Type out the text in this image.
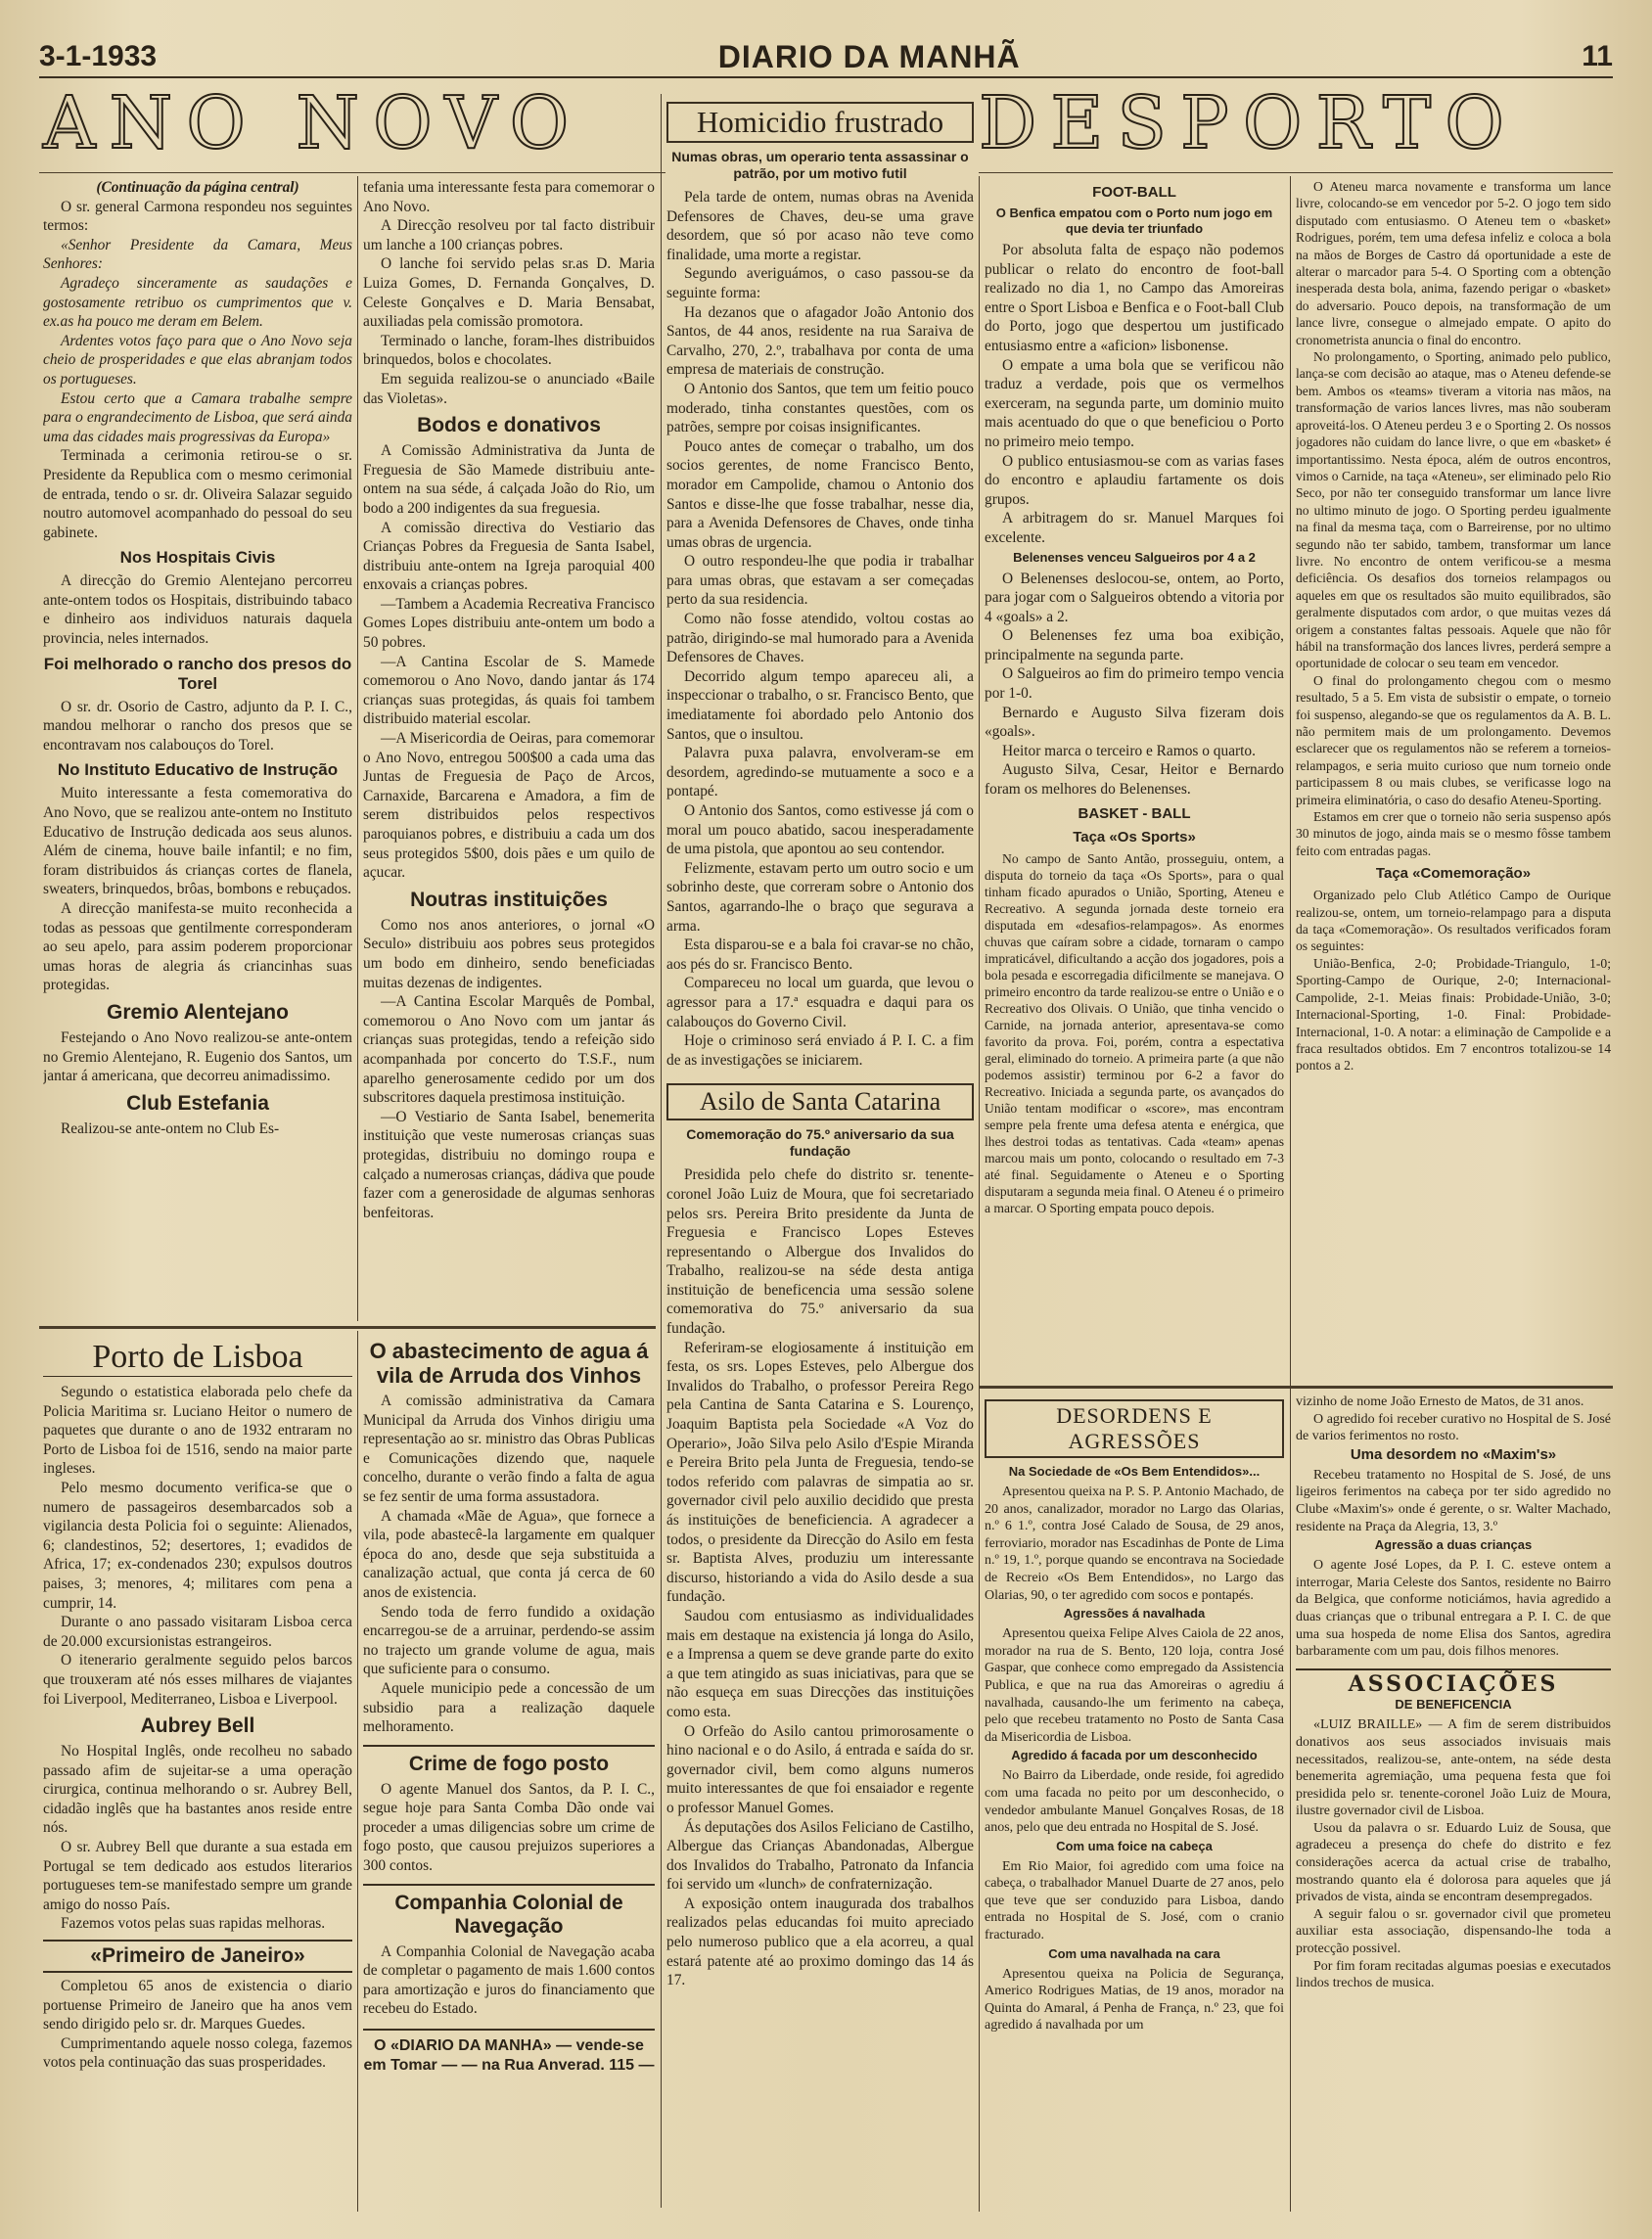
3-1-1933	DIARIO DA MANHÃ	11
ANO NOVO	DESPORTO

(Continuação da página central)

O sr. general Carmona respondeu nos seguintes termos:

«Senhor Presidente da Camara, Meus Senhores:

Agradeço sinceramente as saudações e gostosamente retribuo os cumprimentos que v. ex.as ha pouco me deram em Belem.

Ardentes votos faço para que o Ano Novo seja cheio de prosperidades e que elas abranjam todos os portugueses.

Estou certo que a Camara trabalhe sempre para o engrandecimento de Lisboa, que será ainda uma das cidades mais progressivas da Europa»

Terminada a cerimonia retirou-se o sr. Presidente da Republica com o mesmo cerimonial de entrada, tendo o sr. dr. Oliveira Salazar seguido noutro automovel acompanhado do pessoal do seu gabinete.

Nos Hospitais Civis

A direcção do Gremio Alentejano percorreu ante-ontem todos os Hospitais, distribuindo tabaco e dinheiro aos individuos naturais daquela provincia, neles internados.

Foi melhorado o rancho dos presos do Torel

O sr. dr. Osorio de Castro, adjunto da P. I. C., mandou melhorar o rancho dos presos que se encontravam nos calabouços do Torel.

No Instituto Educativo de Instrução

Muito interessante a festa comemorativa do Ano Novo, que se realizou ante-ontem no Instituto Educativo de Instrução dedicada aos seus alunos. Além de cinema, houve baile infantil; e no fim, foram distribuidos ás crianças cortes de flanela, sweaters, brinquedos, brôas, bombons e rebuçados.

A direcção manifesta-se muito reconhecida a todas as pessoas que gentilmente corresponderam ao seu apelo, para assim poderem proporcionar umas horas de alegria ás criancinhas suas protegidas.

Gremio Alentejano

Festejando o Ano Novo realizou-se ante-ontem no Gremio Alentejano, R. Eugenio dos Santos, um jantar á americana, que decorreu animadissimo.

Club Estefania

Realizou-se ante-ontem no Club Es-

tefania uma interessante festa para comemorar o Ano Novo.

A Direcção resolveu por tal facto distribuir um lanche a 100 crianças pobres.

O lanche foi servido pelas sr.as D. Maria Luiza Gomes, D. Fernanda Gonçalves, D. Celeste Gonçalves e D. Maria Bensabat, auxiliadas pela comissão promotora.

Terminado o lanche, foram-lhes distribuidos brinquedos, bolos e chocolates.

Em seguida realizou-se o anunciado «Baile das Violetas».

Bodos e donativos

A Comissão Administrativa da Junta de Freguesia de São Mamede distribuiu ante-ontem na sua séde, á calçada João do Rio, um bodo a 200 indigentes da sua freguesia.

A comissão directiva do Vestiario das Crianças Pobres da Freguesia de Santa Isabel, distribuiu ante-ontem na Igreja paroquial 400 enxovais a crianças pobres.

—Tambem a Academia Recreativa Francisco Gomes Lopes distribuiu ante-ontem um bodo a 50 pobres.

—A Cantina Escolar de S. Mamede comemorou o Ano Novo, dando jantar ás 174 crianças suas protegidas, ás quais foi tambem distribuido material escolar.

—A Misericordia de Oeiras, para comemorar o Ano Novo, entregou 500$00 a cada uma das Juntas de Freguesia de Paço de Arcos, Carnaxide, Barcarena e Amadora, a fim de serem distribuidos pelos respectivos paroquianos pobres, e distribuiu a cada um dos seus protegidos 5$00, dois pães e um quilo de açucar.

Noutras instituições

Como nos anos anteriores, o jornal «O Seculo» distribuiu aos pobres seus protegidos um bodo em dinheiro, sendo beneficiadas muitas dezenas de indigentes.

—A Cantina Escolar Marquês de Pombal, comemorou o Ano Novo com um jantar ás crianças suas protegidas, tendo a refeição sido acompanhada por concerto do T.S.F., num aparelho generosamente cedido por um dos subscritores daquela prestimosa instituição.

—O Vestiario de Santa Isabel, benemerita instituição que veste numerosas crianças suas protegidas, distribuiu no domingo roupa e calçado a numerosas crianças, dádiva que poude fazer com a generosidade de algumas senhoras benfeitoras.

Homicidio frustrado
Numas obras, um operario tenta assassinar o patrão, por um motivo futil

Pela tarde de ontem, numas obras na Avenida Defensores de Chaves, deu-se uma grave desordem, que só por acaso não teve como finalidade, uma morte a registar.

Segundo averiguámos, o caso passou-se da seguinte forma:

Ha dezanos que o afagador João Antonio dos Santos, de 44 anos, residente na rua Saraiva de Carvalho, 270, 2.º, trabalhava por conta de uma empresa de materiais de construção.

O Antonio dos Santos, que tem um feitio pouco moderado, tinha constantes questões, com os patrões, sempre por coisas insignificantes.

Pouco antes de começar o trabalho, um dos socios gerentes, de nome Francisco Bento, morador em Campolide, chamou o Antonio dos Santos e disse-lhe que fosse trabalhar, nesse dia, para a Avenida Defensores de Chaves, onde tinha umas obras de urgencia.

O outro respondeu-lhe que podia ir trabalhar para umas obras, que estavam a ser começadas perto da sua residencia.

Como não fosse atendido, voltou costas ao patrão, dirigindo-se mal humorado para a Avenida Defensores de Chaves.

Decorrido algum tempo apareceu ali, a inspeccionar o trabalho, o sr. Francisco Bento, que imediatamente foi abordado pelo Antonio dos Santos, que o insultou.

Palavra puxa palavra, envolveram-se em desordem, agredindo-se mutuamente a soco e a pontapé.

O Antonio dos Santos, como estivesse já com o moral um pouco abatido, sacou inesperadamente de uma pistola, que apontou ao seu contendor.

Felizmente, estavam perto um outro socio e um sobrinho deste, que correram sobre o Antonio dos Santos, agarrando-lhe o braço que segurava a arma.

Esta disparou-se e a bala foi cravar-se no chão, aos pés do sr. Francisco Bento.

Compareceu no local um guarda, que levou o agressor para a 17.ª esquadra e daqui para os calabouços do Governo Civil.

Hoje o criminoso será enviado á P. I. C. a fim de as investigações se iniciarem.

Asilo de Santa Catarina
Comemoração do 75.º aniversario da sua fundação

Presidida pelo chefe do distrito sr. tenente-coronel João Luiz de Moura, que foi secretariado pelos srs. Pereira Brito presidente da Junta de Freguesia e Francisco Lopes Esteves representando o Albergue dos Invalidos do Trabalho, realizou-se na séde desta antiga instituição de beneficencia uma sessão solene comemorativa do 75.º aniversario da sua fundação.

Referiram-se elogiosamente á instituição em festa, os srs. Lopes Esteves, pelo Albergue dos Invalidos do Trabalho, o professor Pereira Rego pela Cantina de Santa Catarina e S. Lourenço, Joaquim Baptista pela Sociedade «A Voz do Operario», João Silva pelo Asilo d'Espie Miranda e Pereira Brito pela Junta de Freguesia, tendo-se todos referido com palavras de simpatia ao sr. governador civil pelo auxilio decidido que presta ás instituições de beneficiencia. A agradecer a todos, o presidente da Direcção do Asilo em festa sr. Baptista Alves, produziu um interessante discurso, historiando a vida do Asilo desde a sua fundação.

Saudou com entusiasmo as individualidades mais em destaque na existencia já longa do Asilo, e a Imprensa a quem se deve grande parte do exito a que tem atingido as suas iniciativas, para que se não esqueça em suas Direcções das instituições como esta.

O Orfeão do Asilo cantou primorosamente o hino nacional e o do Asilo, á entrada e saída do sr. governador civil, bem como alguns numeros muito interessantes de que foi ensaiador e regente o professor Manuel Gomes.

Ás deputações dos Asilos Feliciano de Castilho, Albergue das Crianças Abandonadas, Albergue dos Invalidos do Trabalho, Patronato da Infancia foi servido um «lunch» de confraternização.

A exposição ontem inaugurada dos trabalhos realizados pelas educandas foi muito apreciado pelo numeroso publico que a ela acorreu, a qual estará patente até ao proximo domingo das 14 ás 17.

FOOT-BALL
O Benfica empatou com o Porto num jogo em que devia ter triunfado

Por absoluta falta de espaço não podemos publicar o relato do encontro de foot-ball realizado no dia 1, no Campo das Amoreiras entre o Sport Lisboa e Benfica e o Foot-ball Club do Porto, jogo que despertou um justificado entusiasmo entre a «aficion» lisbonense.

O empate a uma bola que se verificou não traduz a verdade, pois que os vermelhos exerceram, na segunda parte, um dominio muito mais acentuado do que o que beneficiou o Porto no primeiro meio tempo.

O publico entusiasmou-se com as varias fases do encontro e aplaudiu fartamente os dois grupos.

A arbitragem do sr. Manuel Marques foi excelente.

Belenenses venceu Salgueiros por 4 a 2

O Belenenses deslocou-se, ontem, ao Porto, para jogar com o Salgueiros obtendo a vitoria por 4 «goals» a 2.

O Belenenses fez uma boa exibição, principalmente na segunda parte.

O Salgueiros ao fim do primeiro tempo vencia por 1-0.

Bernardo e Augusto Silva fizeram dois «goals».

Heitor marca o terceiro e Ramos o quarto.

Augusto Silva, Cesar, Heitor e Bernardo foram os melhores do Belenenses.

BASKET - BALL
Taça «Os Sports»

No campo de Santo Antão, prosseguiu, ontem, a disputa do torneio da taça «Os Sports», para o qual tinham ficado apurados o União, Sporting, Ateneu e Recreativo. A segunda jornada deste torneio era disputada em «desafios-relampagos». As enormes chuvas que caíram sobre a cidade, tornaram o campo impraticável, dificultando a acção dos jogadores, pois a bola pesada e escorregadia dificilmente se manejava. O primeiro encontro da tarde realizou-se entre o União e o Recreativo dos Olivais. O União, que tinha vencido o Carnide, na jornada anterior, apresentava-se como favorito da prova. Foi, porém, contra a espectativa geral, eliminado do torneio. A primeira parte (a que não podemos assistir) terminou por 6-2 a favor do Recreativo. Iniciada a segunda parte, os avançados do União tentam modificar o «score», mas encontram sempre pela frente uma defesa atenta e enérgica, que lhes destroi todas as tentativas. Cada «team» apenas marcou mais um ponto, colocando o resultado em 7-3 até final. Seguidamente o Ateneu e o Sporting disputaram a segunda meia final. O Ateneu é o primeiro a marcar. O Sporting empata pouco depois.

O Ateneu marca novamente e transforma um lance livre, colocando-se em vencedor por 5-2. O jogo tem sido disputado com entusiasmo. O Ateneu tem o «basket» Rodrigues, porém, tem uma defesa infeliz e coloca a bola na mãos de Borges de Castro dá oportunidade a este de alterar o marcador para 5-4. O Sporting com a obtenção inesperada desta bola, anima, fazendo perigar o «basket» do adversario. Pouco depois, na transformação de um lance livre, consegue o almejado empate. O apito do cronometrista anuncia o final do encontro.

No prolongamento, o Sporting, animado pelo publico, lança-se com decisão ao ataque, mas o Ateneu defende-se bem. Ambos os «teams» tiveram a vitoria nas mãos, na transformação de varios lances livres, mas não souberam aproveitá-los. O Ateneu perdeu 3 e o Sporting 2. Os nossos jogadores não cuidam do lance livre, o que em «basket» é importantissimo. Nesta época, além de outros encontros, vimos o Carnide, na taça «Ateneu», ser eliminado pelo Rio Seco, por não ter conseguido transformar um lance livre no ultimo minuto de jogo. O Sporting perdeu igualmente na final da mesma taça, com o Barreirense, por no ultimo segundo não ter sabido, tambem, transformar um lance livre. No encontro de ontem verificou-se a mesma deficiência. Os desafios dos torneios relampagos ou aqueles em que os resultados são muito equilibrados, são geralmente disputados com ardor, o que muitas vezes dá origem a constantes faltas pessoais. Aquele que não fôr hábil na transformação dos lances livres, perderá sempre a oportunidade de colocar o seu team em vencedor.

O final do prolongamento chegou com o mesmo resultado, 5 a 5. Em vista de subsistir o empate, o torneio foi suspenso, alegando-se que os regulamentos da A. B. L. não permitem mais de um prolongamento. Devemos esclarecer que os regulamentos não se referem a torneios-relampagos, e seria muito curioso que num torneio onde participassem 8 ou mais clubes, se verificasse logo na primeira eliminatória, o caso do desafio Ateneu-Sporting.

Estamos em crer que o torneio não seria suspenso após 30 minutos de jogo, ainda mais se o mesmo fôsse tambem feito com entradas pagas.

Taça «Comemoração»

Organizado pelo Club Atlético Campo de Ourique realizou-se, ontem, um torneio-relampago para a disputa da taça «Comemoração». Os resultados verificados foram os seguintes:

União-Benfica, 2-0; Probidade-Triangulo, 1-0; Sporting-Campo de Ourique, 2-0; Internacional-Campolide, 2-1. Meias finais: Probidade-União, 3-0; Internacional-Sporting, 1-0. Final: Probidade-Internacional, 1-0. A notar: a eliminação de Campolide e a fraca resultados obtidos. Em 7 encontros totalizou-se 14 pontos a 2.

Porto de Lisboa

Segundo o estatistica elaborada pelo chefe da Policia Maritima sr. Luciano Heitor o numero de paquetes que durante o ano de 1932 entraram no Porto de Lisboa foi de 1516, sendo na maior parte ingleses.

Pelo mesmo documento verifica-se que o numero de passageiros desembarcados sob a vigilancia desta Policia foi o seguinte: Alienados, 6; clandestinos, 52; desertores, 1; evadidos de Africa, 17; ex-condenados 230; expulsos doutros paises, 3; menores, 4; militares com pena a cumprir, 14.

Durante o ano passado visitaram Lisboa cerca de 20.000 excursionistas estrangeiros.

O itenerario geralmente seguido pelos barcos que trouxeram até nós esses milhares de viajantes foi Liverpool, Mediterraneo, Lisboa e Liverpool.

Aubrey Bell

No Hospital Inglês, onde recolheu no sabado passado afim de sujeitar-se a uma operação cirurgica, continua melhorando o sr. Aubrey Bell, cidadão inglês que ha bastantes anos reside entre nós.

O sr. Aubrey Bell que durante a sua estada em Portugal se tem dedicado aos estudos literarios portugueses tem-se manifestado sempre um grande amigo do nosso País.

Fazemos votos pelas suas rapidas melhoras.

«Primeiro de Janeiro»

Completou 65 anos de existencia o diario portuense Primeiro de Janeiro que ha anos vem sendo dirigido pelo sr. dr. Marques Guedes.

Cumprimentando aquele nosso colega, fazemos votos pela continuação das suas prosperidades.

O abastecimento de agua á vila de Arruda dos Vinhos

A comissão administrativa da Camara Municipal da Arruda dos Vinhos dirigiu uma representação ao sr. ministro das Obras Publicas e Comunicações dizendo que, naquele concelho, durante o verão findo a falta de agua se fez sentir de uma forma assustadora.

A chamada «Mãe de Agua», que fornece a vila, pode abastecê-la largamente em qualquer época do ano, desde que seja substituida a canalização actual, que conta já cerca de 60 anos de existencia.

Sendo toda de ferro fundido a oxidação encarregou-se de a arruinar, perdendo-se assim no trajecto um grande volume de agua, mais que suficiente para o consumo.

Aquele municipio pede a concessão de um subsidio para a realização daquele melhoramento.

Crime de fogo posto

O agente Manuel dos Santos, da P. I. C., segue hoje para Santa Comba Dão onde vai proceder a umas diligencias sobre um crime de fogo posto, que causou prejuizos superiores a 300 contos.

Companhia Colonial de Navegação

A Companhia Colonial de Navegação acaba de completar o pagamento de mais 1.600 contos para amortização e juros do financiamento que recebeu do Estado.

O «DIARIO DA MANHA» — vende-se em Tomar — — na Rua Anverad. 115 —
DESORDENS E AGRESSÕES
Na Sociedade de «Os Bem Entendidos»...

Apresentou queixa na P. S. P. Antonio Machado, de 20 anos, canalizador, morador no Largo das Olarias, n.º 6 1.º, contra José Calado de Sousa, de 29 anos, ferroviario, morador nas Escadinhas de Ponte de Lima n.º 19, 1.º, porque quando se encontrava na Sociedade de Recreio «Os Bem Entendidos», no Largo das Olarias, 90, o ter agredido com socos e pontapés.

Agressões á navalhada

Apresentou queixa Felipe Alves Caiola de 22 anos, morador na rua de S. Bento, 120 loja, contra José Gaspar, que conhece como empregado da Assistencia Publica, e que na rua das Amoreiras o agrediu á navalhada, causando-lhe um ferimento na cabeça, pelo que recebeu tratamento no Posto de Santa Casa da Misericordia de Lisboa.

Agredido á facada por um desconhecido

No Bairro da Liberdade, onde reside, foi agredido com uma facada no peito por um desconhecido, o vendedor ambulante Manuel Gonçalves Rosas, de 18 anos, pelo que deu entrada no Hospital de S. José.

Com uma foice na cabeça

Em Rio Maior, foi agredido com uma foice na cabeça, o trabalhador Manuel Duarte de 27 anos, pelo que teve que ser conduzido para Lisboa, dando entrada no Hospital de S. José, com o cranio fracturado.

Com uma navalhada na cara

Apresentou queixa na Policia de Segurança, Americo Rodrigues Matias, de 19 anos, morador na Quinta do Amaral, á Penha de França, n.º 23, que foi agredido á navalhada por um

vizinho de nome João Ernesto de Matos, de 31 anos.

O agredido foi receber curativo no Hospital de S. José de varios ferimentos no rosto.

Uma desordem no «Maxim's»

Recebeu tratamento no Hospital de S. José, de uns ligeiros ferimentos na cabeça por ter sido agredido no Clube «Maxim's» onde é gerente, o sr. Walter Machado, residente na Praça da Alegria, 13, 3.º

Agressão a duas crianças

O agente José Lopes, da P. I. C. esteve ontem a interrogar, Maria Celeste dos Santos, residente no Bairro da Belgica, que conforme noticiámos, havia agredido a duas crianças que o tribunal entregara a P. I. C. de que uma sua hospeda de nome Elisa dos Santos, agredira barbaramente com um pau, dois filhos menores.

ASSOCIAÇÕES
DE BENEFICENCIA

«LUIZ BRAILLE» — A fim de serem distribuidos donativos aos seus associados invisuais mais necessitados, realizou-se, ante-ontem, na séde desta benemerita agremiação, uma pequena festa que foi presidida pelo sr. tenente-coronel João Luiz de Moura, ilustre governador civil de Lisboa.

Usou da palavra o sr. Eduardo Luiz de Sousa, que agradeceu a presença do chefe do distrito e fez considerações acerca da actual crise de trabalho, mostrando quanto ela é dolorosa para aqueles que já privados de vista, ainda se encontram desempregados.

A seguir falou o sr. governador civil que prometeu auxiliar esta associação, dispensando-lhe toda a protecção possivel.

Por fim foram recitadas algumas poesias e executados lindos trechos de musica.
